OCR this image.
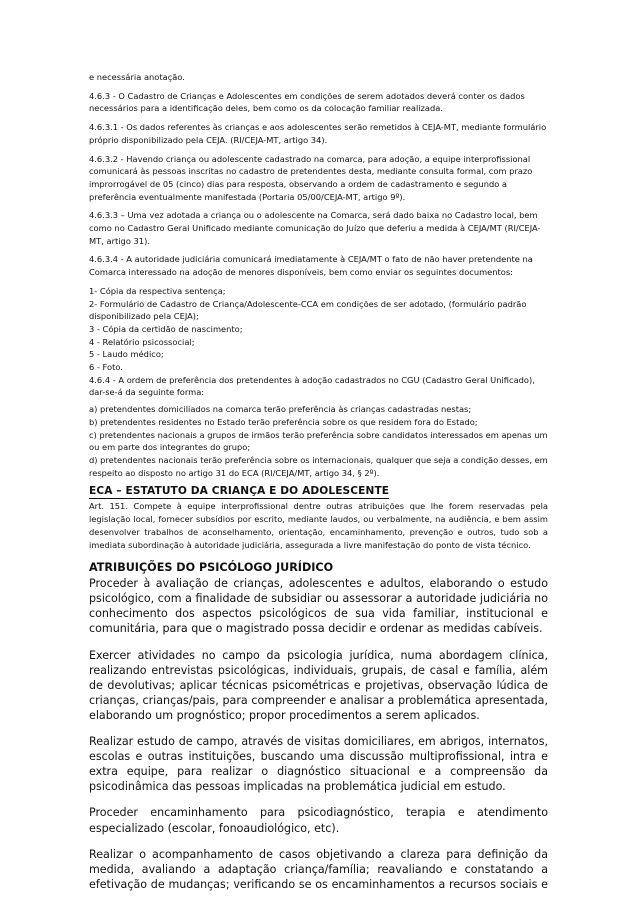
e necessária anotação.

4.6.3 - O Cadastro de Crianças e Adolescentes em condições de serem adotados deverá conter os dados necessários para a identificação deles, bem como os da colocação familiar realizada.

4.6.3.1 - Os dados referentes às crianças e aos adolescentes serão remetidos à CEJA-MT, mediante formulário próprio disponibilizado pela CEJA. (RI/CEJA-MT, artigo 34).

4.6.3.2 - Havendo criança ou adolescente cadastrado na comarca, para adoção, a equipe interprofissional comunicará às pessoas inscritas no cadastro de pretendentes desta, mediante consulta formal, com prazo improrrogável de 05 (cinco) dias para resposta, observando a ordem de cadastramento e segundo a preferência eventualmente manifestada (Portaria 05/00/CEJA-MT, artigo 9º).

4.6.3.3 – Uma vez adotada a criança ou o adolescente na Comarca, será dado baixa no Cadastro local, bem como no Cadastro Geral Unificado mediante comunicação do Juízo que deferiu a medida à CEJA/MT (RI/CEJA-MT, artigo 31).

4.6.3.4 - A autoridade judiciária comunicará imediatamente à CEJA/MT o fato de não haver pretendente na Comarca interessado na adoção de menores disponíveis, bem como enviar os seguintes documentos:

1- Cópia da respectiva sentença;
2- Formulário de Cadastro de Criança/Adolescente-CCA em condições de ser adotado, (formulário padrão disponibilizado pela CEJA);
3 - Cópia da certidão de nascimento;
4 - Relatório psicossocial;
5 - Laudo médico;
6 - Foto.
4.6.4 - A ordem de preferência dos pretendentes à adoção cadastrados no CGU (Cadastro Geral Unificado), dar-se-á da seguinte forma:
a) pretendentes domiciliados na comarca terão preferência às crianças cadastradas nestas;
b) pretendentes residentes no Estado terão preferência sobre os que residem fora do Estado;
c) pretendentes nacionais a grupos de irmãos terão preferência sobre candidatos interessados em apenas um ou em parte dos integrantes do grupo;
d) pretendentes nacionais terão preferência sobre os internacionais, qualquer que seja a condição desses, em respeito ao disposto no artigo 31 do ECA (RI/CEJA/MT, artigo 34, § 2º).
ECA – ESTATUTO DA CRIANÇA E DO ADOLESCENTE

Art. 151. Compete à equipe interprofissional dentre outras atribuições que lhe forem reservadas pela legislação local, fornecer subsídios por escrito, mediante laudos, ou verbalmente, na audiência, e bem assim desenvolver trabalhos de aconselhamento, orientação, encaminhamento, prevenção e outros, tudo sob a imediata subordinação à autoridade judiciária, assegurada a livre manifestação do ponto de vista técnico.

ATRIBUIÇÕES DO PSICÓLOGO JURÍDICO

Proceder à avaliação de crianças, adolescentes e adultos, elaborando o estudo psicológico, com a finalidade de subsidiar ou assessorar a autoridade judiciária no conhecimento dos aspectos psicológicos de sua vida familiar, institucional e comunitária, para que o magistrado possa decidir e ordenar as medidas cabíveis.

Exercer atividades no campo da psicologia jurídica, numa abordagem clínica, realizando entrevistas psicológicas, individuais, grupais, de casal e família, além de devolutivas; aplicar técnicas psicométricas e projetivas, observação lúdica de crianças, crianças/pais, para compreender e analisar a problemática apresentada, elaborando um prognóstico; propor procedimentos a serem aplicados.

Realizar estudo de campo, através de visitas domiciliares, em abrigos, internatos, escolas e outras instituições, buscando uma discussão multiprofissional, intra e extra equipe, para realizar o diagnóstico situacional e a compreensão da psicodinâmica das pessoas implicadas na problemática judicial em estudo.

Proceder encaminhamento para psicodiagnóstico, terapia e atendimento especializado (escolar, fonoaudiológico, etc).

Realizar o acompanhamento de casos objetivando a clareza para definição da medida, avaliando a adaptação criança/família; reavaliando e constatando a efetivação de mudanças; verificando se os encaminhamentos a recursos sociais e
